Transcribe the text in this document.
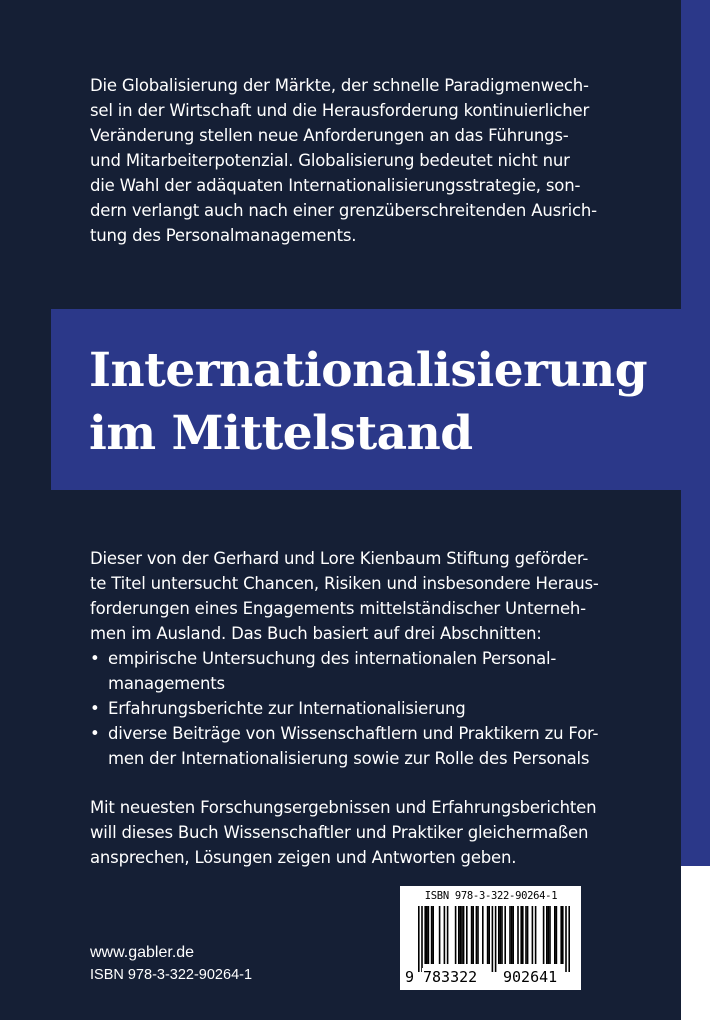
Die Globalisierung der Märkte, der schnelle Paradigmenwech-
sel in der Wirtschaft und die Herausforderung kontinuierlicher
Veränderung stellen neue Anforderungen an das Führungs-
und Mitarbeiterpotenzial. Globalisierung bedeutet nicht nur
die Wahl der adäquaten Internationalisierungsstrategie, son-
dern verlangt auch nach einer grenzüberschreitenden Ausrich-
tung des Personalmanagements.
Internationalisierung
im Mittelstand
Dieser von der Gerhard und Lore Kienbaum Stiftung geförder-
te Titel untersucht Chancen, Risiken und insbesondere Heraus-
forderungen eines Engagements mittelständischer Unterneh-
men im Ausland. Das Buch basiert auf drei Abschnitten:
• empirische Untersuchung des internationalen Personal-
managements
• Erfahrungsberichte zur Internationalisierung
• diverse Beiträge von Wissenschaftlern und Praktikern zu For-
men der Internationalisierung sowie zur Rolle des Personals
Mit neuesten Forschungsergebnissen und Erfahrungsberichten
will dieses Buch Wissenschaftler und Praktiker gleichermaßen
ansprechen, Lösungen zeigen und Antworten geben.
www.gabler.de
ISBN 978-3-322-90264-1
ISBN 978-3-322-90264-1
9 783322 902641
